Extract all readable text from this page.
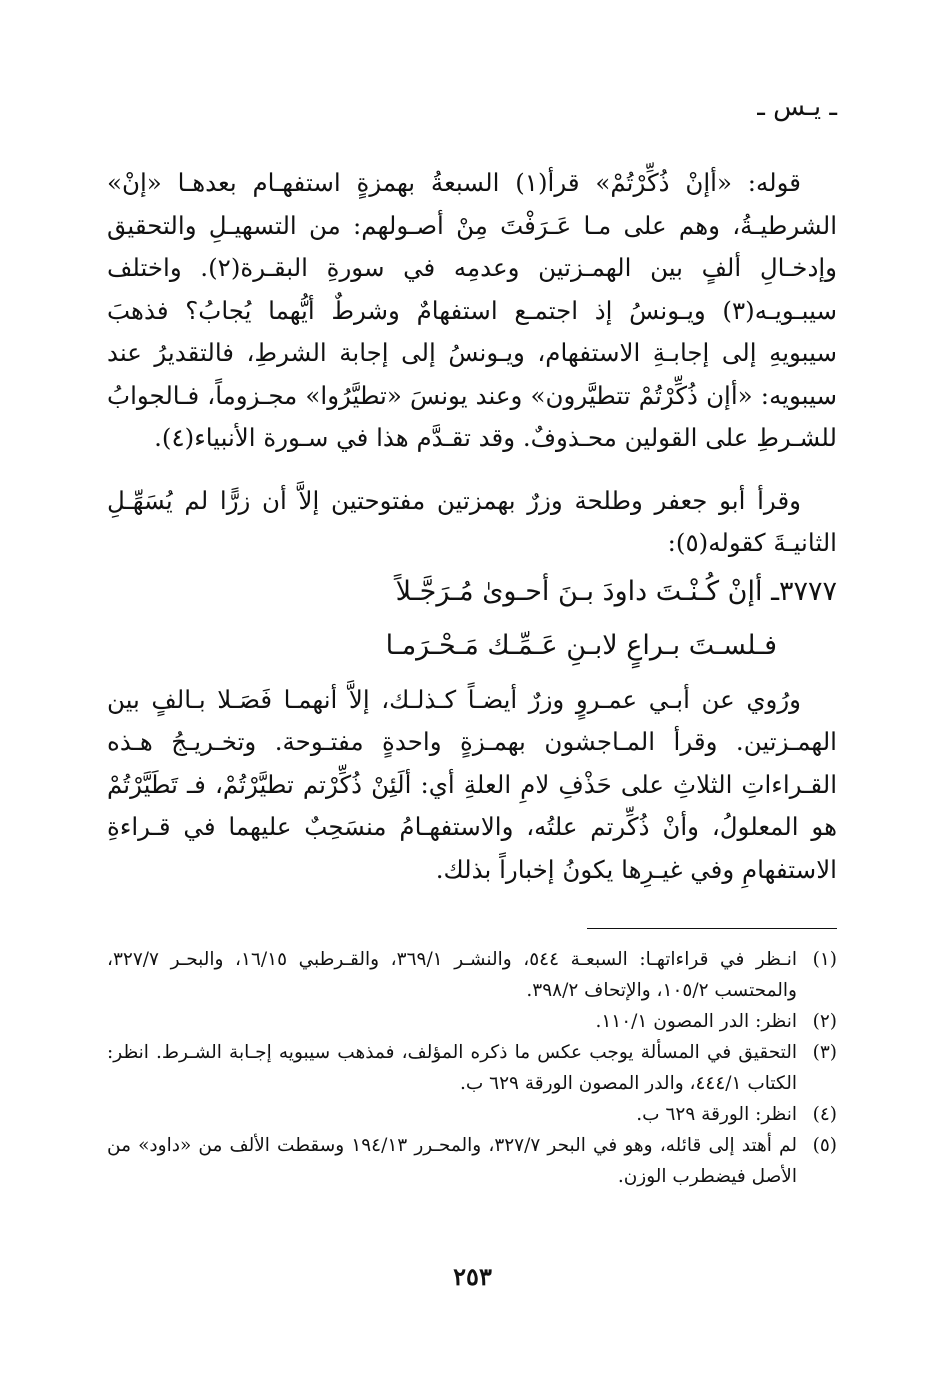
ـ يـس ـ

قوله: «أإنْ ذُكِّرْتُمْ» قرأ(١) السبعةُ بهمزةٍ استفهـام بعدهـا «إنْ» الشرطيـةُ، وهم على مـا عَـرَفْتَ مِنْ أصـولهم: من التسهيـلِ والتحقيق وإدخـالِ ألفٍ بين الهمـزتين وعدمِه في سورةِ البقـرة(٢). واختلف سيبـويـه(٣) ويـونسُ إذ اجتمـع استفهامٌ وشرطٌ أيُّهما يُجابُ؟ فذهبَ سيبويهِ إلى إجابـةِ الاستفهام، ويـونسُ إلى إجابة الشرطِ، فالتقديرُ عند سيبويه: «أإن ذُكِّرْتُمْ تتطيَّرون» وعند يونسَ «تطيَّرُوا» مجـزوماً، فـالجوابُ للشـرطِ على القولين محـذوفٌ. وقد تقـدَّم هذا في سـورة الأنبياء(٤).

وقرأ أبو جعفر وطلحة وزرٌ بهمزتين مفتوحتين إلاَّ أن زرًّا لم يُسَهِّـلِ الثانيـةَ كقوله(٥):

٣٧٧٧ـ أإنْ كُـنْـتَ داودَ بـنَ أحـوىٰ مُـرَجَّـلاً
فـلسـتَ بـراعٍ لابـنِ عَـمِّـك مَـحْـرَمـا

ورُوي عن أبـي عمـروٍ وزرٌ أيضـاً كـذلـك، إلاَّ أنهمـا فَصَـلا بـالفٍ بين الهمـزتين. وقرأ المـاجشون بهمـزةٍ واحدةٍ مفتـوحة. وتخـريـجُ هـذه القـراءاتِ الثلاثِ على حَذْفِ لامِ العلةِ أي: ألَئِنْ ذُكِّرْتم تطيَّرْتُمْ، فـ تَطَيَّرْتُمْ هو المعلولُ، وأنْ ذُكِّرتم علتُه، والاستفهـامُ منسَحِبٌ عليهما في قـراءةِ الاستفهامِ وفي غيـرِها يكونُ إخباراً بذلك.

(١)
انـظر في قراءاتهـا: السبعـة ٥٤٤، والنشـر ٣٦٩/١، والقـرطبي ١٦/١٥، والبحـر ٣٢٧/٧، والمحتسب ١٠٥/٢، والإتحاف ٣٩٨/٢.
(٢)
انظر: الدر المصون ١١٠/١.
(٣)
التحقيق في المسألة يوجب عكس ما ذكره المؤلف، فمذهب سيبويه إجـابة الشـرط. انظر: الكتاب ٤٤٤/١، والدر المصون الورقة ٦٢٩ ب.
(٤)
انظر: الورقة ٦٢٩ ب.
(٥)
لم أهتد إلى قائله، وهو في البحر ٣٢٧/٧، والمحـرر ١٩٤/١٣ وسقطت الألف من «داود» من الأصل فيضطرب الوزن.
٢٥٣
